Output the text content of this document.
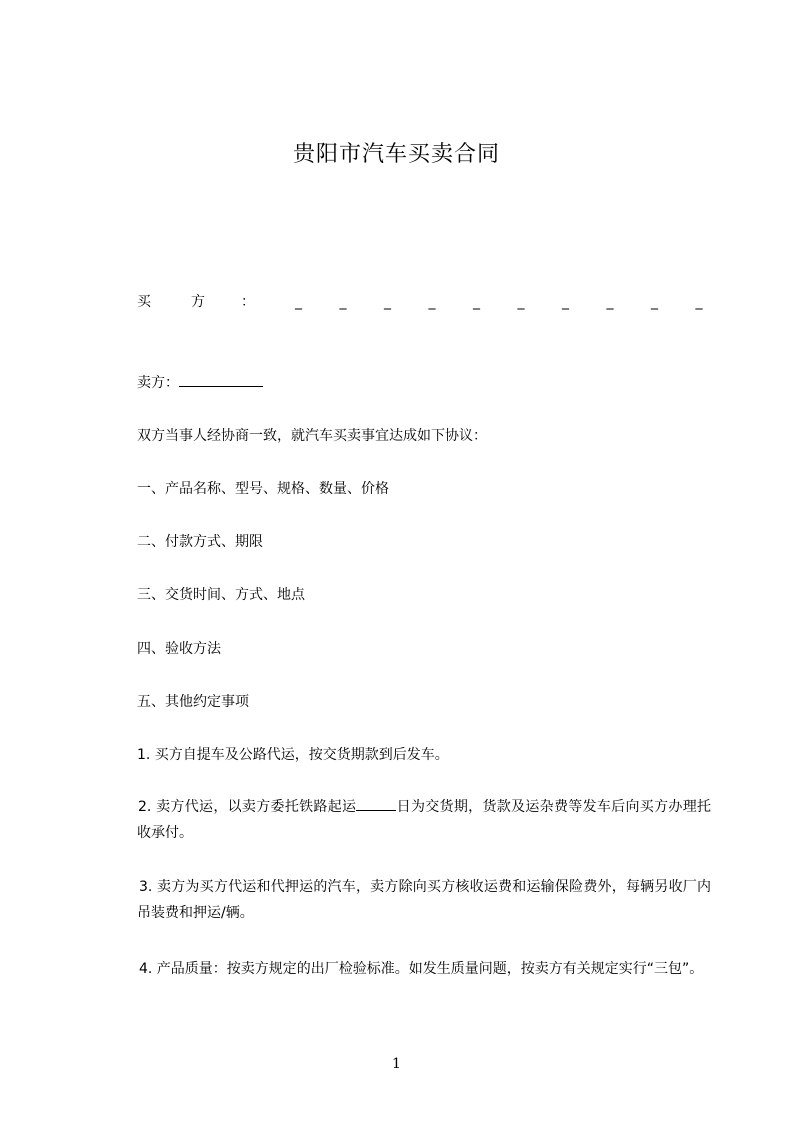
贵阳市汽车买卖合同
买	方	：	_	_	_	_	_	_	_	_	_	_
卖方：
双方当事人经协商一致，就汽车买卖事宜达成如下协议：
一、产品名称、型号、规格、数量、价格
二、付款方式、期限
三、交货时间、方式、地点
四、验收方法
五、其他约定事项
1. 买方自提车及公路代运，按交货期款到后发车。
2. 卖方代运，以卖方委托铁路起运	日为交货期，货款及运杂费等发车后向买方办理托收承付。
3. 卖方为买方代运和代押运的汽车，卖方除向买方核收运费和运输保险费外，每辆另收厂内吊装费和押运/辆。
4. 产品质量：按卖方规定的出厂检验标准。如发生质量问题，按卖方有关规定实行“三包”。
1
